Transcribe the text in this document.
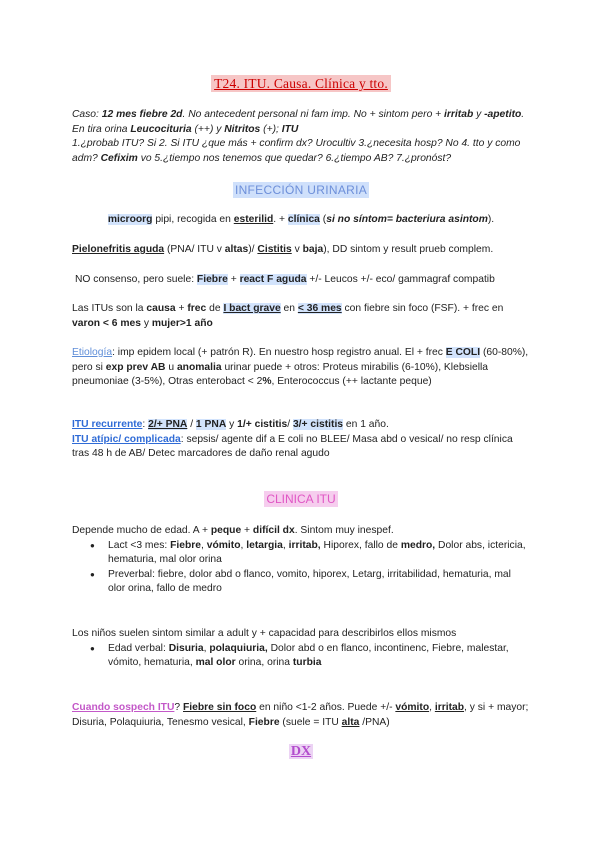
T24. ITU. Causa. Clínica y tto.

Caso: 12 mes fiebre 2d. No antecedent personal ni fam imp. No + sintom pero + irritab y -apetito. En tira orina Leucocituria (++) y Nitritos (+); ITU
1.¿probab ITU? Si 2. Si ITU ¿que más + confirm dx? Urocultiv 3.¿necesita hosp? No 4. tto y como adm? Cefixim vo 5.¿tiempo nos tenemos que quedar? 6.¿tiempo AB? 7.¿pronóst?

INFECCIÓN URINARIA

microorg pipi, recogida en esterilid. + clínica (si no síntom= bacteriura asintom).

Pielonefritis aguda (PNA/ ITU v altas)/ Cistitis v baja), DD sintom y result prueb complem.

NO consenso, pero suele: Fiebre + react F aguda +/- Leucos +/- eco/ gammagraf compatib

Las ITUs son la causa + frec de I bact grave en < 36 mes con fiebre sin foco (FSF). + frec en varon < 6 mes y mujer>1 año

Etiología: imp epidem local (+ patrón R). En nuestro hosp registro anual. El + frec E COLI (60-80%), pero si exp prev AB u anomalia urinar puede + otros: Proteus mirabilis (6-10%), Klebsiella pneumoniae (3-5%), Otras enterobact < 2%, Enterococcus (++ lactante peque)

ITU recurrente: 2/+ PNA / 1 PNA y 1/+ cistitis/ 3/+ cistitis en 1 año.
ITU atípic/ complicada: sepsis/ agente dif a E coli no BLEE/ Masa abd o vesical/ no resp clínica tras 48 h de AB/ Detec marcadores de daño renal agudo

CLINICA ITU
Depende mucho de edad. A + peque + difícil dx. Sintom muy inespef.
● Lact <3 mes: Fiebre, vómito, letargia, irritab, Hiporex, fallo de medro, Dolor abs, ictericia, hematuria, mal olor orina
● Preverbal: fiebre, dolor abd o flanco, vomito, hiporex, Letarg, irritabilidad, hematuria, mal olor orina, fallo de medro
Los niños suelen sintom similar a adult y + capacidad para describirlos ellos mismos
● Edad verbal: Disuria, polaquiuria, Dolor abd o en flanco, incontinenc, Fiebre, malestar, vómito, hematuria, mal olor orina, orina turbia

Cuando sospech ITU? Fiebre sin foco en niño <1-2 años. Puede +/- vómito, irritab, y si + mayor; Disuria, Polaquiuria, Tenesmo vesical, Fiebre (suele = ITU alta /PNA)

DX
